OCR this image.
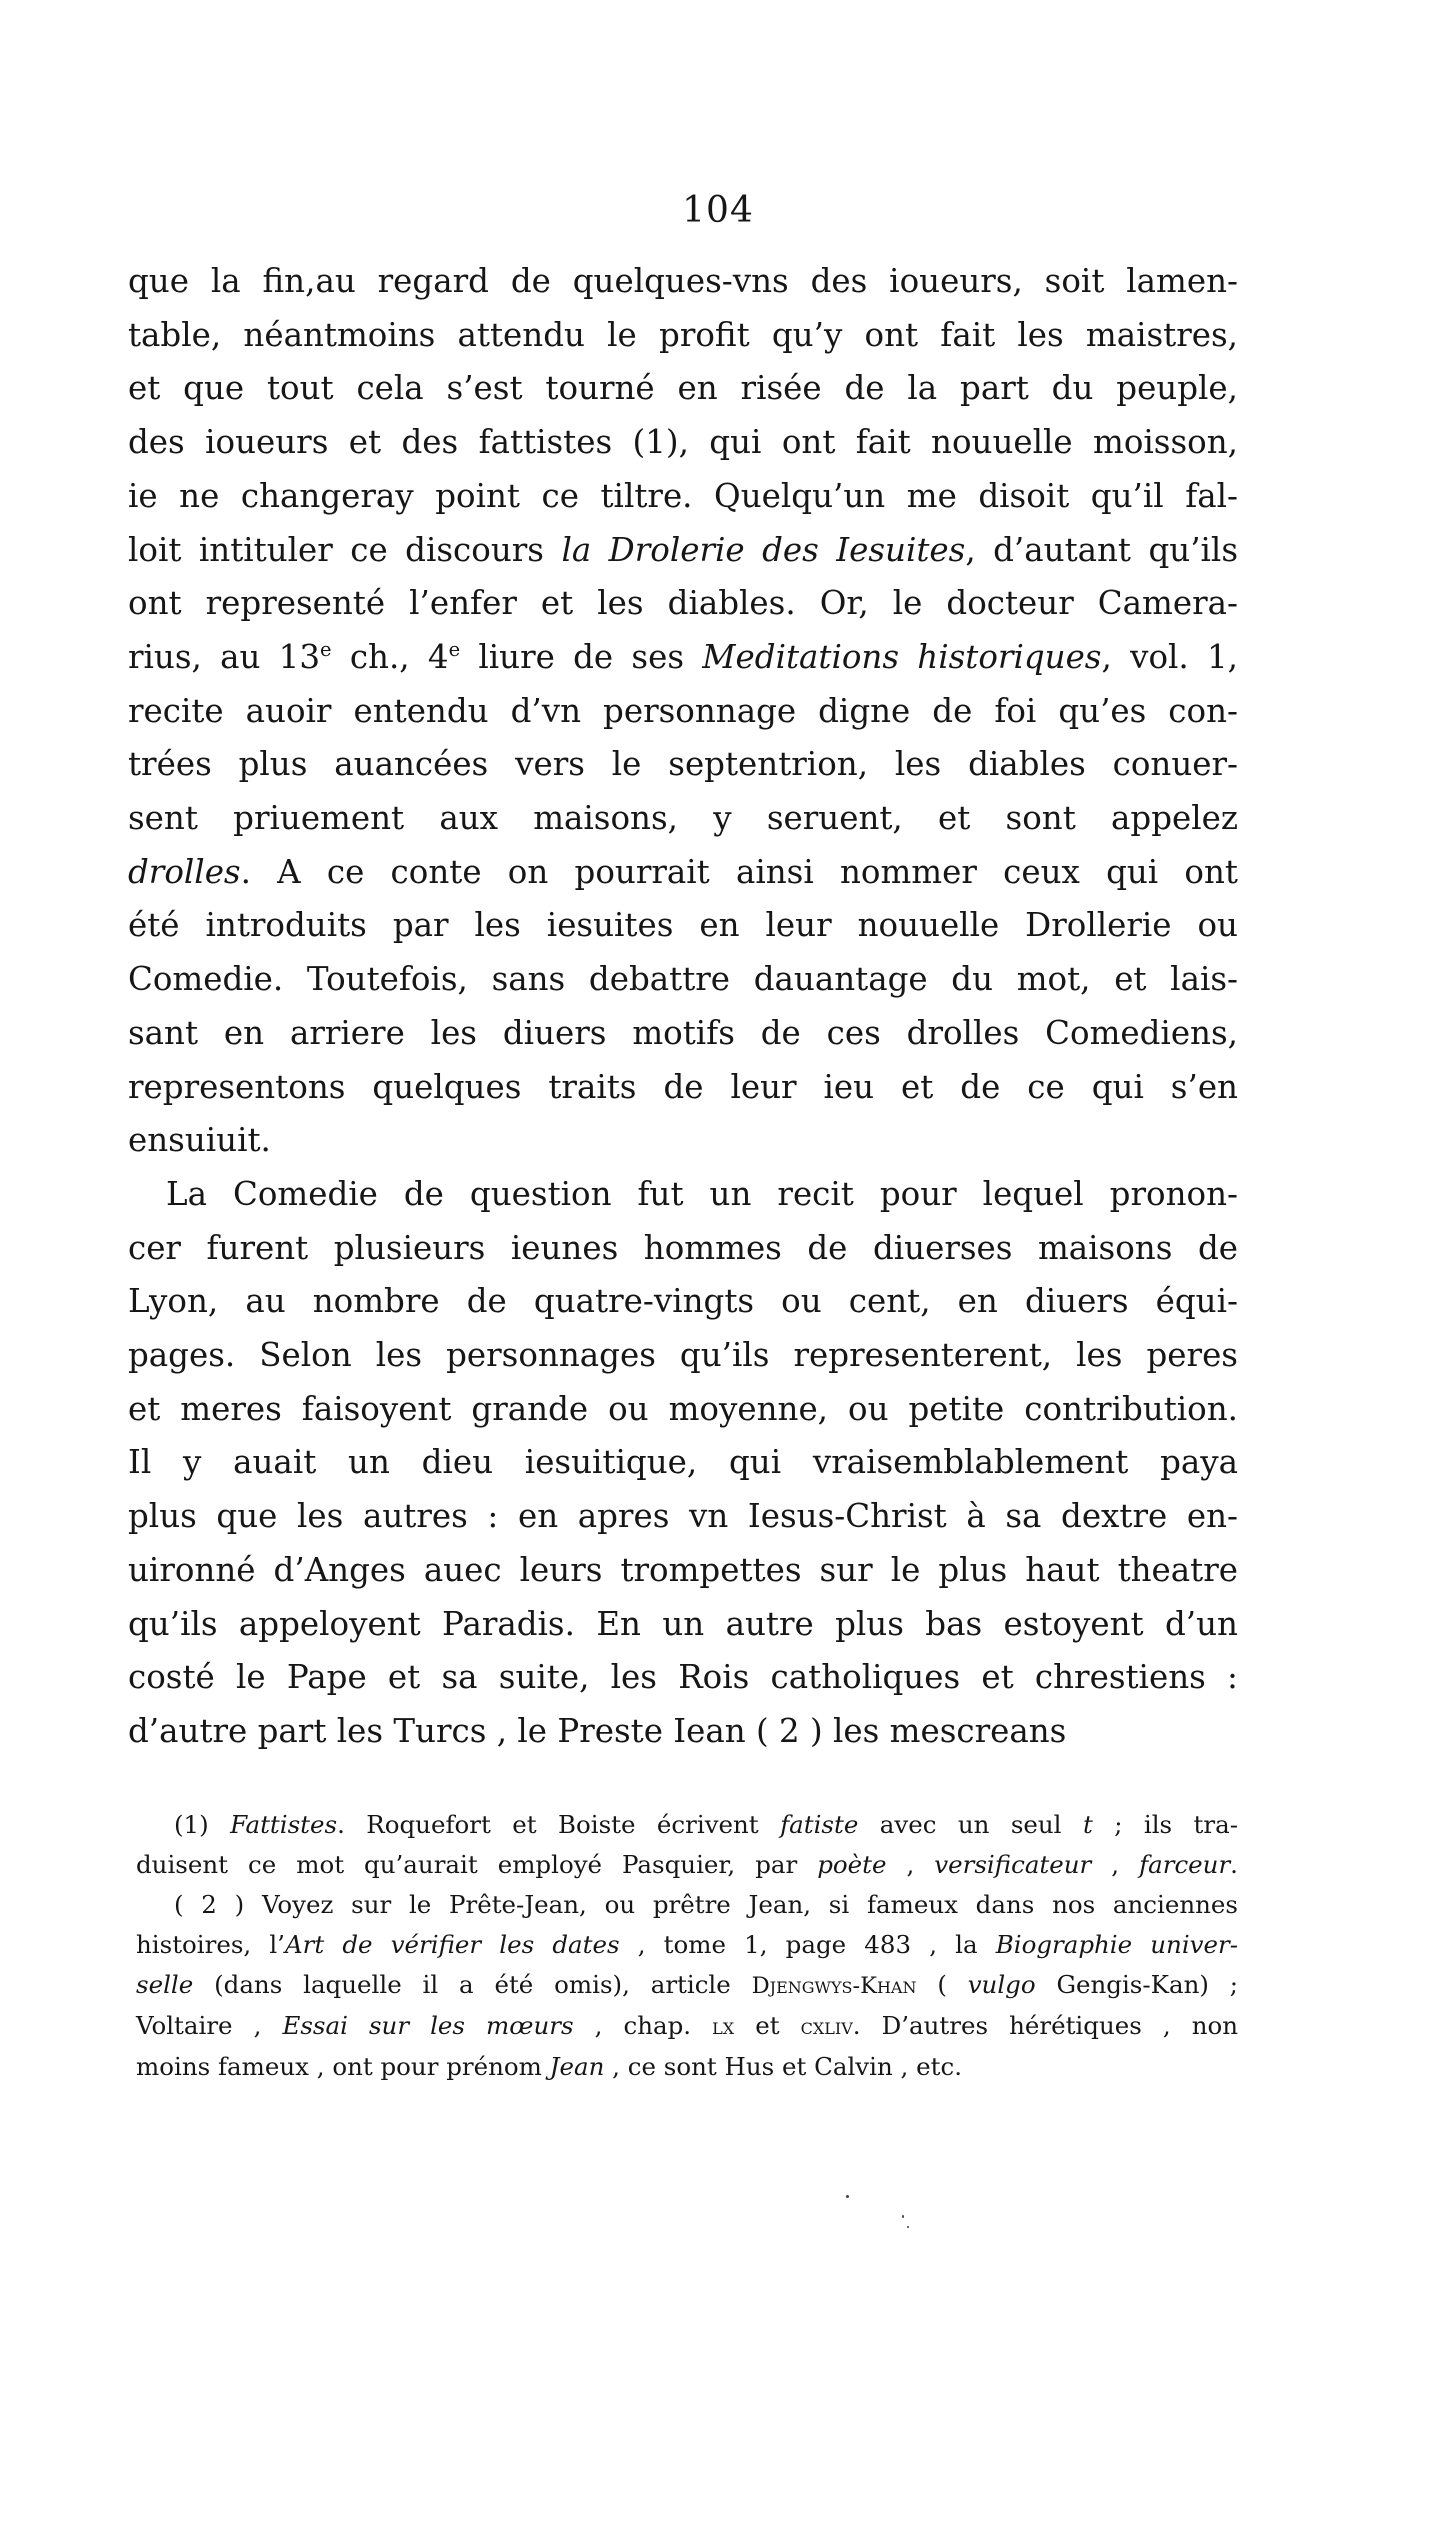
104
que la fin,au regard de quelques-vns des ioueurs, soit lamen-
table, néantmoins attendu le profit qu’y ont fait les maistres,
et que tout cela s’est tourné en risée de la part du peuple,
des ioueurs et des fattistes (1), qui ont fait nouuelle moisson,
ie ne changeray point ce tiltre. Quelqu’un me disoit qu’il fal-
loit intituler ce discours la Drolerie des Iesuites, d’autant qu’ils
ont representé l’enfer et les diables. Or, le docteur Camera-
rius, au 13e ch., 4e liure de ses Meditations historiques, vol. 1,
recite auoir entendu d’vn personnage digne de foi qu’es con-
trées plus auancées vers le septentrion, les diables conuer-
sent priuement aux maisons, y seruent, et sont appelez
drolles. A ce conte on pourrait ainsi nommer ceux qui ont
été introduits par les iesuites en leur nouuelle Drollerie ou
Comedie. Toutefois, sans debattre dauantage du mot, et lais-
sant en arriere les diuers motifs de ces drolles Comediens,
representons quelques traits de leur ieu et de ce qui s’en
ensuiuit.
La Comedie de question fut un recit pour lequel pronon-
cer furent plusieurs ieunes hommes de diuerses maisons de
Lyon, au nombre de quatre-vingts ou cent, en diuers équi-
pages. Selon les personnages qu’ils representerent, les peres
et meres faisoyent grande ou moyenne, ou petite contribution.
Il y auait un dieu iesuitique, qui vraisemblablement paya
plus que les autres : en apres vn Iesus-Christ à sa dextre en-
uironné d’Anges auec leurs trompettes sur le plus haut theatre
qu’ils appeloyent Paradis. En un autre plus bas estoyent d’un
costé le Pape et sa suite, les Rois catholiques et chrestiens :
d’autre part les Turcs , le Preste Iean ( 2 ) les mescreans
(1) Fattistes. Roquefort et Boiste écrivent fatiste avec un seul t ; ils tra-
duisent ce mot qu’aurait employé Pasquier, par poète , versificateur , farceur.
( 2 ) Voyez sur le Prête-Jean, ou prêtre Jean, si fameux dans nos anciennes
histoires, l’Art de vérifier les dates , tome 1, page 483 , la Biographie univer-
selle (dans laquelle il a été omis), article Djengwys-Khan ( vulgo Gengis-Kan) ;
Voltaire , Essai sur les mœurs , chap. lx et cxliv. D’autres hérétiques , non
moins fameux , ont pour prénom Jean , ce sont Hus et Calvin , etc.
